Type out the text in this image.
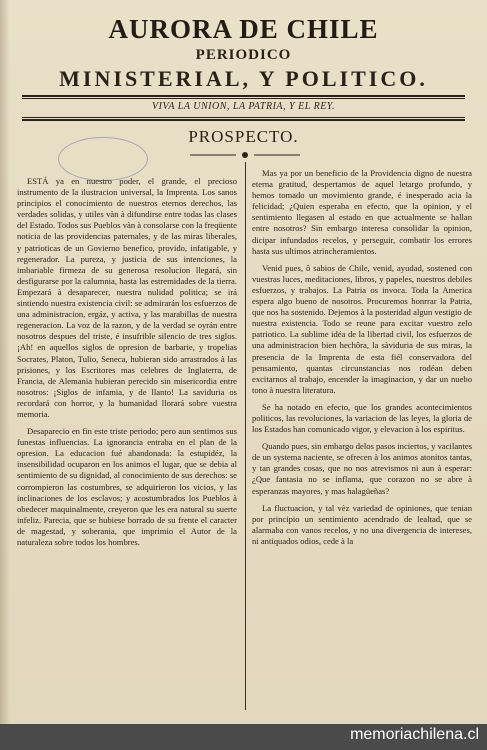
AURORA DE CHILE
PERIODICO
MINISTERIAL, Y POLITICO.
VIVA LA UNION, LA PATRIA, Y EL REY.
PROSPECTO.

ESTÁ ya en nuestro poder, el grande, el precioso instrumento de la ilustracion universal, la Imprenta. Los sanos principios el conocimiento de nuestros eternos derechos, las verdades solidas, y utiles vàn à difundirse entre todas las clases del Estado. Todos sus Pueblos vàn à consolarse con la freqüente noticia de las providencias paternales, y de las miras liberales, y patrioticas de un Govierno benefico, provido, infatigable, y regenerador. La pureza, y justicia de sus intenciones, la imbariable firmeza de su generosa resolucion llegará, sin desfigurarse por la calumnia, hasta las estremidades de la tierra. Empezará à desaparecer, nuestra nulidad politica; se irá sintiendo nuestra existencia civil: se admirarán los esfuerzos de una administracion, ergáz, y activa, y las marabillas de nuestra regeneracion. La voz de la razon, y de la verdad se oyrán entre nosotros despues del triste, é insufrible silencio de tres siglos. ¡Ah! en aquellos siglos de opresion de barbarie, y tropelias Socrates, Platon, Tulio, Seneca, hubieran sido arrastrados à las prisiones, y los Escritores mas celebres de Inglaterra, de Francia, de Alemania hubieran perecido sin misericordia entre nosotros: ¡Siglos de infamia, y de llanto! La saviduria os recordará con horror, y la humanidad llorará sobre vuestra memoria.

Desaparecio en fin este triste periodo; pero aun sentimos sus funestas influencias. La ignorancia entraba en el plan de la opresion. La educacion fué abandonada: la estupidéz, la insensibilidad ocuparon en los animos el lugar, que se debia al sentimiento de su dignidad, al conocimiento de sus derechos: se corrompieron las costumbres, se adquirieron los vicios, y las inclinaciones de los esclavos; y acostumbrados los Pueblos à obedecer maquinalmente, creyeron que les era natural su suerte infeliz. Parecia, que se hubiese borrado de su frente el caracter de magestad, y soberania, que imprimio el Autor de la naturaleza sobre todos los hombres.

Mas ya por un beneficio de la Providencia digno de nuestra eterna gratitud, despertamos de aquel letargo profundo, y hemos tomado un movimiento grande, é inesperado acia la felicidad; ¿Quien esperaba en efecto, que la opinion, y el sentimiento llegasen al estado en que actualmente se hallan entre nosotros? Sin embargo interesa consolidar la opinion, dicipar infundados recelos, y perseguir, combatir los errores hasta sus ultimos atrincheramientos.

Venid pues, ô sabios de Chile, venid, ayudad, sostened con vuestras luces, meditaciones, libros, y papeles, nuestros debiles esfuerzos, y trabajos. La Patria os invoca. Toda la America espera algo bueno de nosotros. Procuremos honrrar la Patria, que nos ha sostenido. Dejemos à la posteridad algun vestigio de nuestra existencia. Todo se reune para excitar vuestro zelo patriotico. La sublime idéa de la libertad civil, los esfuerzos de una administracion bien hechôra, la sàviduria de sus miras, la presencia de la Imprenta de esta fiél conservadora del pensamiento, quantas circunstancias nos rodéan deben excitarnos al trabajo, encender la imaginacion, y dar un nuebo tono à nuestra literatura.

Se ha notado en efecto, que los grandes acontecimientos politicos, las revoluciones, la variacion de las leyes, la gloria de los Estados han comunicado vigor, y elevacion à los espiritus.

Quando pues, sin embargo delos pasos inciertos, y vacilantes de un systema naciente, se ofrecen à los animos atonitos tantas, y tan grandes cosas, que no nos atrevismos ni aun à esperar: ¿Que fantasia no se inflama, que corazon no se abre à esperanzas mayores, y mas halagüeñas?

La fluctuacion, y tal vèz variedad de opiniones, que tenian por principio un sentimiento acendrado de lealtad, que se alarmaba con vanos recelos, y no una divergencia de intereses, ni antiquados odios, cede à la

memoriachilena.cl
